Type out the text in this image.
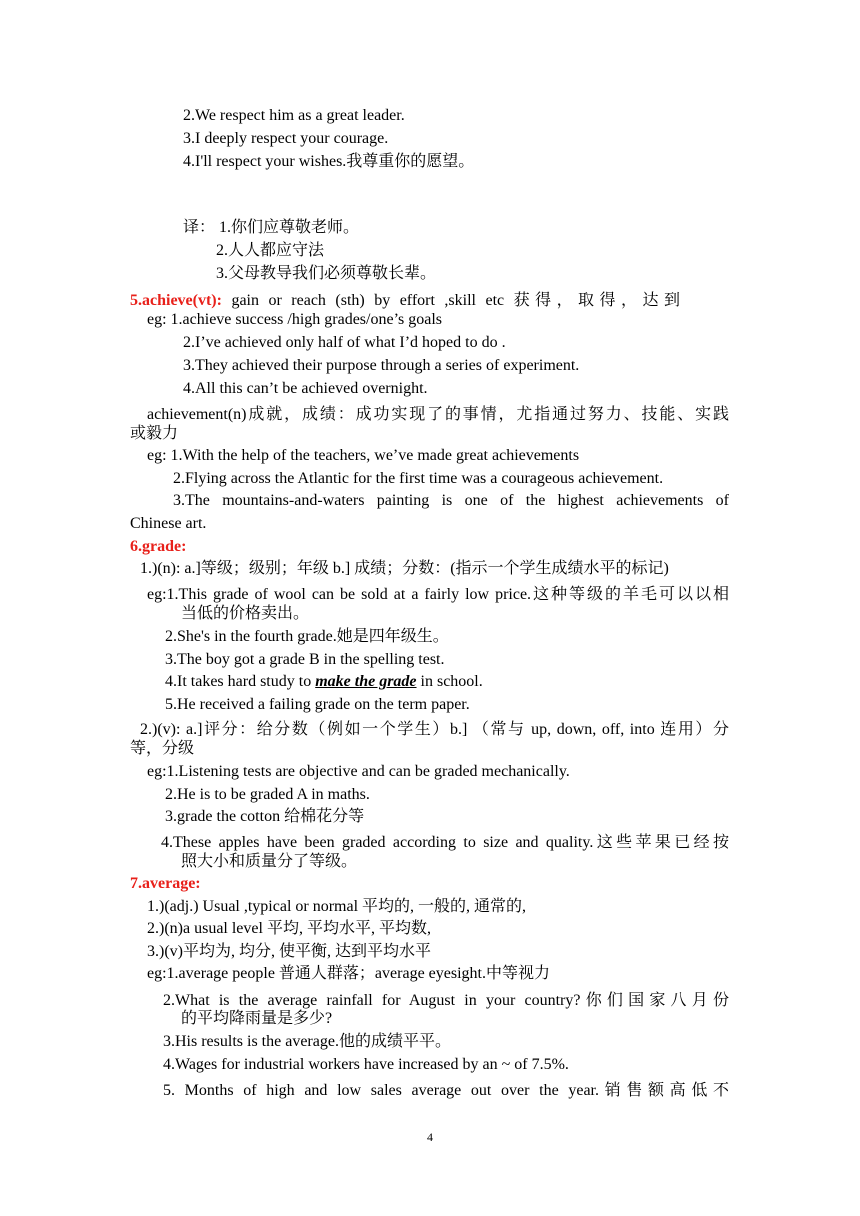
2.We respect him as a great leader.
3.I deeply respect your courage.
4.I'll respect your wishes.我尊重你的愿望。
译： 1.你们应尊敬老师。
2.人人都应守法
3.父母教导我们必须尊敬长辈。
5.achieve(vt): gain or reach (sth) by effort ,skill etc 获得，取得，达到
eg: 1.achieve success /high grades/one’s goals
2.I’ve achieved only half of what I’d hoped to do .
3.They achieved their purpose through a series of experiment.
4.All this can’t be achieved overnight.
achievement(n)成就，成绩：成功实现了的事情，尤指通过努力、技能、实践
或毅力
eg: 1.With the help of the teachers, we’ve made great achievements
2.Flying across the Atlantic for the first time was a courageous achievement.
3.The mountains-and-waters painting is one of the highest achievements of
Chinese art.
6.grade:
1.)(n): a.]等级；级别；年级 b.] 成绩；分数：(指示一个学生成绩水平的标记)
eg:1.This grade of wool can be sold at a fairly low price.这种等级的羊毛可以以相
当低的价格卖出。
2.She's in the fourth grade.她是四年级生。
3.The boy got a grade B in the spelling test.
4.It takes hard study to make the grade in school.
5.He received a failing grade on the term paper.
2.)(v): a.]评分：给分数（例如一个学生）b.] （常与 up, down, off, into 连用）分
等，分级
eg:1.Listening tests are objective and can be graded mechanically.
2.He is to be graded A in maths.
3.grade the cotton 给棉花分等
4.These apples have been graded according to size and quality.这些苹果已经按
照大小和质量分了等级。
7.average:
1.)(adj.) Usual ,typical or normal 平均的, 一般的, 通常的,
2.)(n)a usual level 平均, 平均水平, 平均数,
3.)(v)平均为, 均分, 使平衡, 达到平均水平
eg:1.average people 普通人群落；average eyesight.中等视力
2.What is the average rainfall for August in your country?你们国家八月份
的平均降雨量是多少?
3.His results is the average.他的成绩平平。
4.Wages for industrial workers have increased by an ~ of 7.5%.
5. Months of high and low sales average out over the year.销售额高低不
4
